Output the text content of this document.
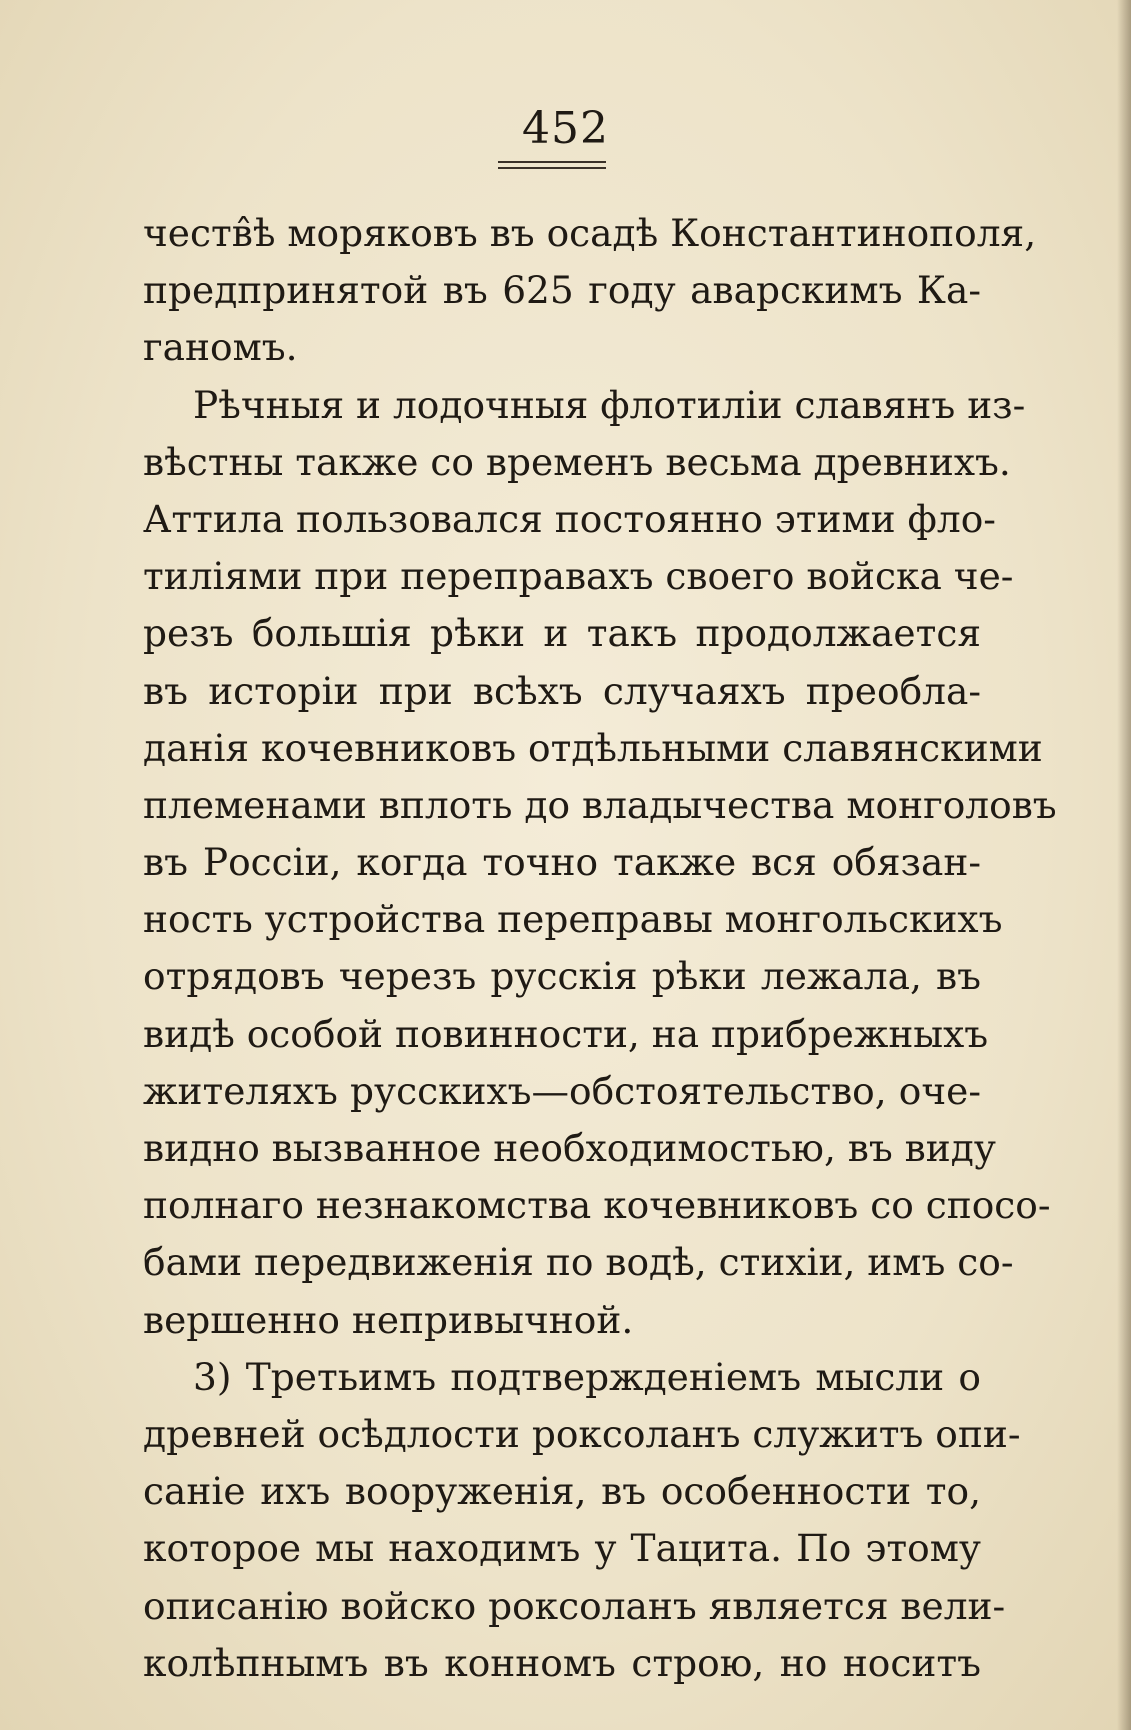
452
честв̂ѣ моряковъ въ осадѣ Константинополя,
предпринятой въ 625 году аварскимъ Ка-
ганомъ.
Рѣчныя и лодочныя флотиліи славянъ из-
вѣстны также со временъ весьма древнихъ.
Аттила пользовался постоянно этими фло-
тиліями при переправахъ своего войска че-
резъ большія рѣки и такъ продолжается
въ исторіи при всѣхъ случаяхъ преобла-
данія кочевниковъ отдѣльными славянскими
племенами вплоть до владычества монголовъ
въ Россіи, когда точно также вся обязан-
ность устройства переправы монгольскихъ
отрядовъ черезъ русскія рѣки лежала, въ
видѣ особой повинности, на прибрежныхъ
жителяхъ русскихъ—обстоятельство, оче-
видно вызванное необходимостью, въ виду
полнаго незнакомства кочевниковъ со спосо-
бами передвиженія по водѣ, стихіи, имъ со-
вершенно непривычной.
3) Третьимъ подтвержденіемъ мысли о
древней осѣдлости роксоланъ служитъ опи-
саніе ихъ вооруженія, въ особенности то,
которое мы находимъ у Тацита. По этому
описанію войско роксоланъ является вели-
колѣпнымъ въ конномъ строю, но носитъ
